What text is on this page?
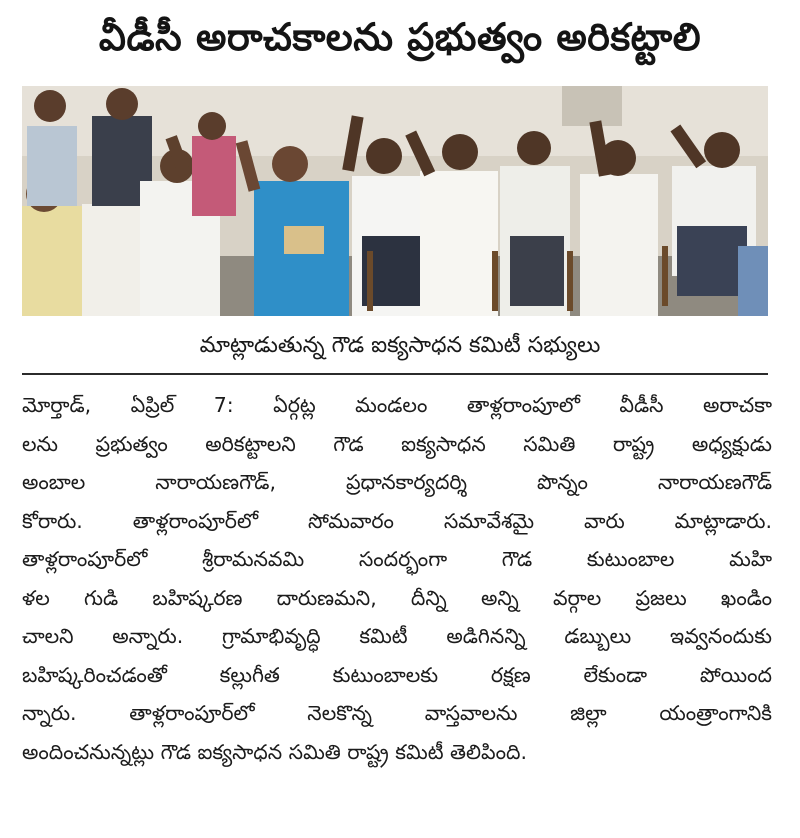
వీడీసీ అరాచకాలను ప్రభుత్వం అరికట్టాలి
మాట్లాడుతున్న గౌడ ఐక్యసాధన కమిటీ సభ్యులు
మోర్తాడ్, ఏప్రిల్ 7: ఏర్గట్ల మండలం తాళ్లరాంపూలో వీడీసీ అరాచకా
లను ప్రభుత్వం అరికట్టాలని గౌడ ఐక్యసాధన సమితి రాష్ట్ర అధ్యక్షుడు
అంబాల నారాయణగౌడ్, ప్రధానకార్యదర్శి పొన్నం నారాయణగౌడ్
కోరారు. తాళ్లరాంపూర్‌లో సోమవారం సమావేశమై వారు మాట్లాడారు.
తాళ్లరాంపూర్‌లో శ్రీరామనవమి సందర్భంగా గౌడ కుటుంబాల మహి
ళల గుడి బహిష్కరణ దారుణమని, దీన్ని అన్ని వర్గాల ప్రజలు ఖండిం
చాలని అన్నారు. గ్రామాభివృద్ధి కమిటీ అడిగినన్ని డబ్బులు ఇవ్వనందుకు
బహిష్కరించడంతో కల్లుగీత కుటుంబాలకు రక్షణ లేకుండా పోయింద
న్నారు. తాళ్లరాంపూర్‌లో నెలకొన్న వాస్తవాలను జిల్లా యంత్రాంగానికి
అందించనున్నట్లు గౌడ ఐక్యసాధన సమితి రాష్ట్ర కమిటీ తెలిపింది.
